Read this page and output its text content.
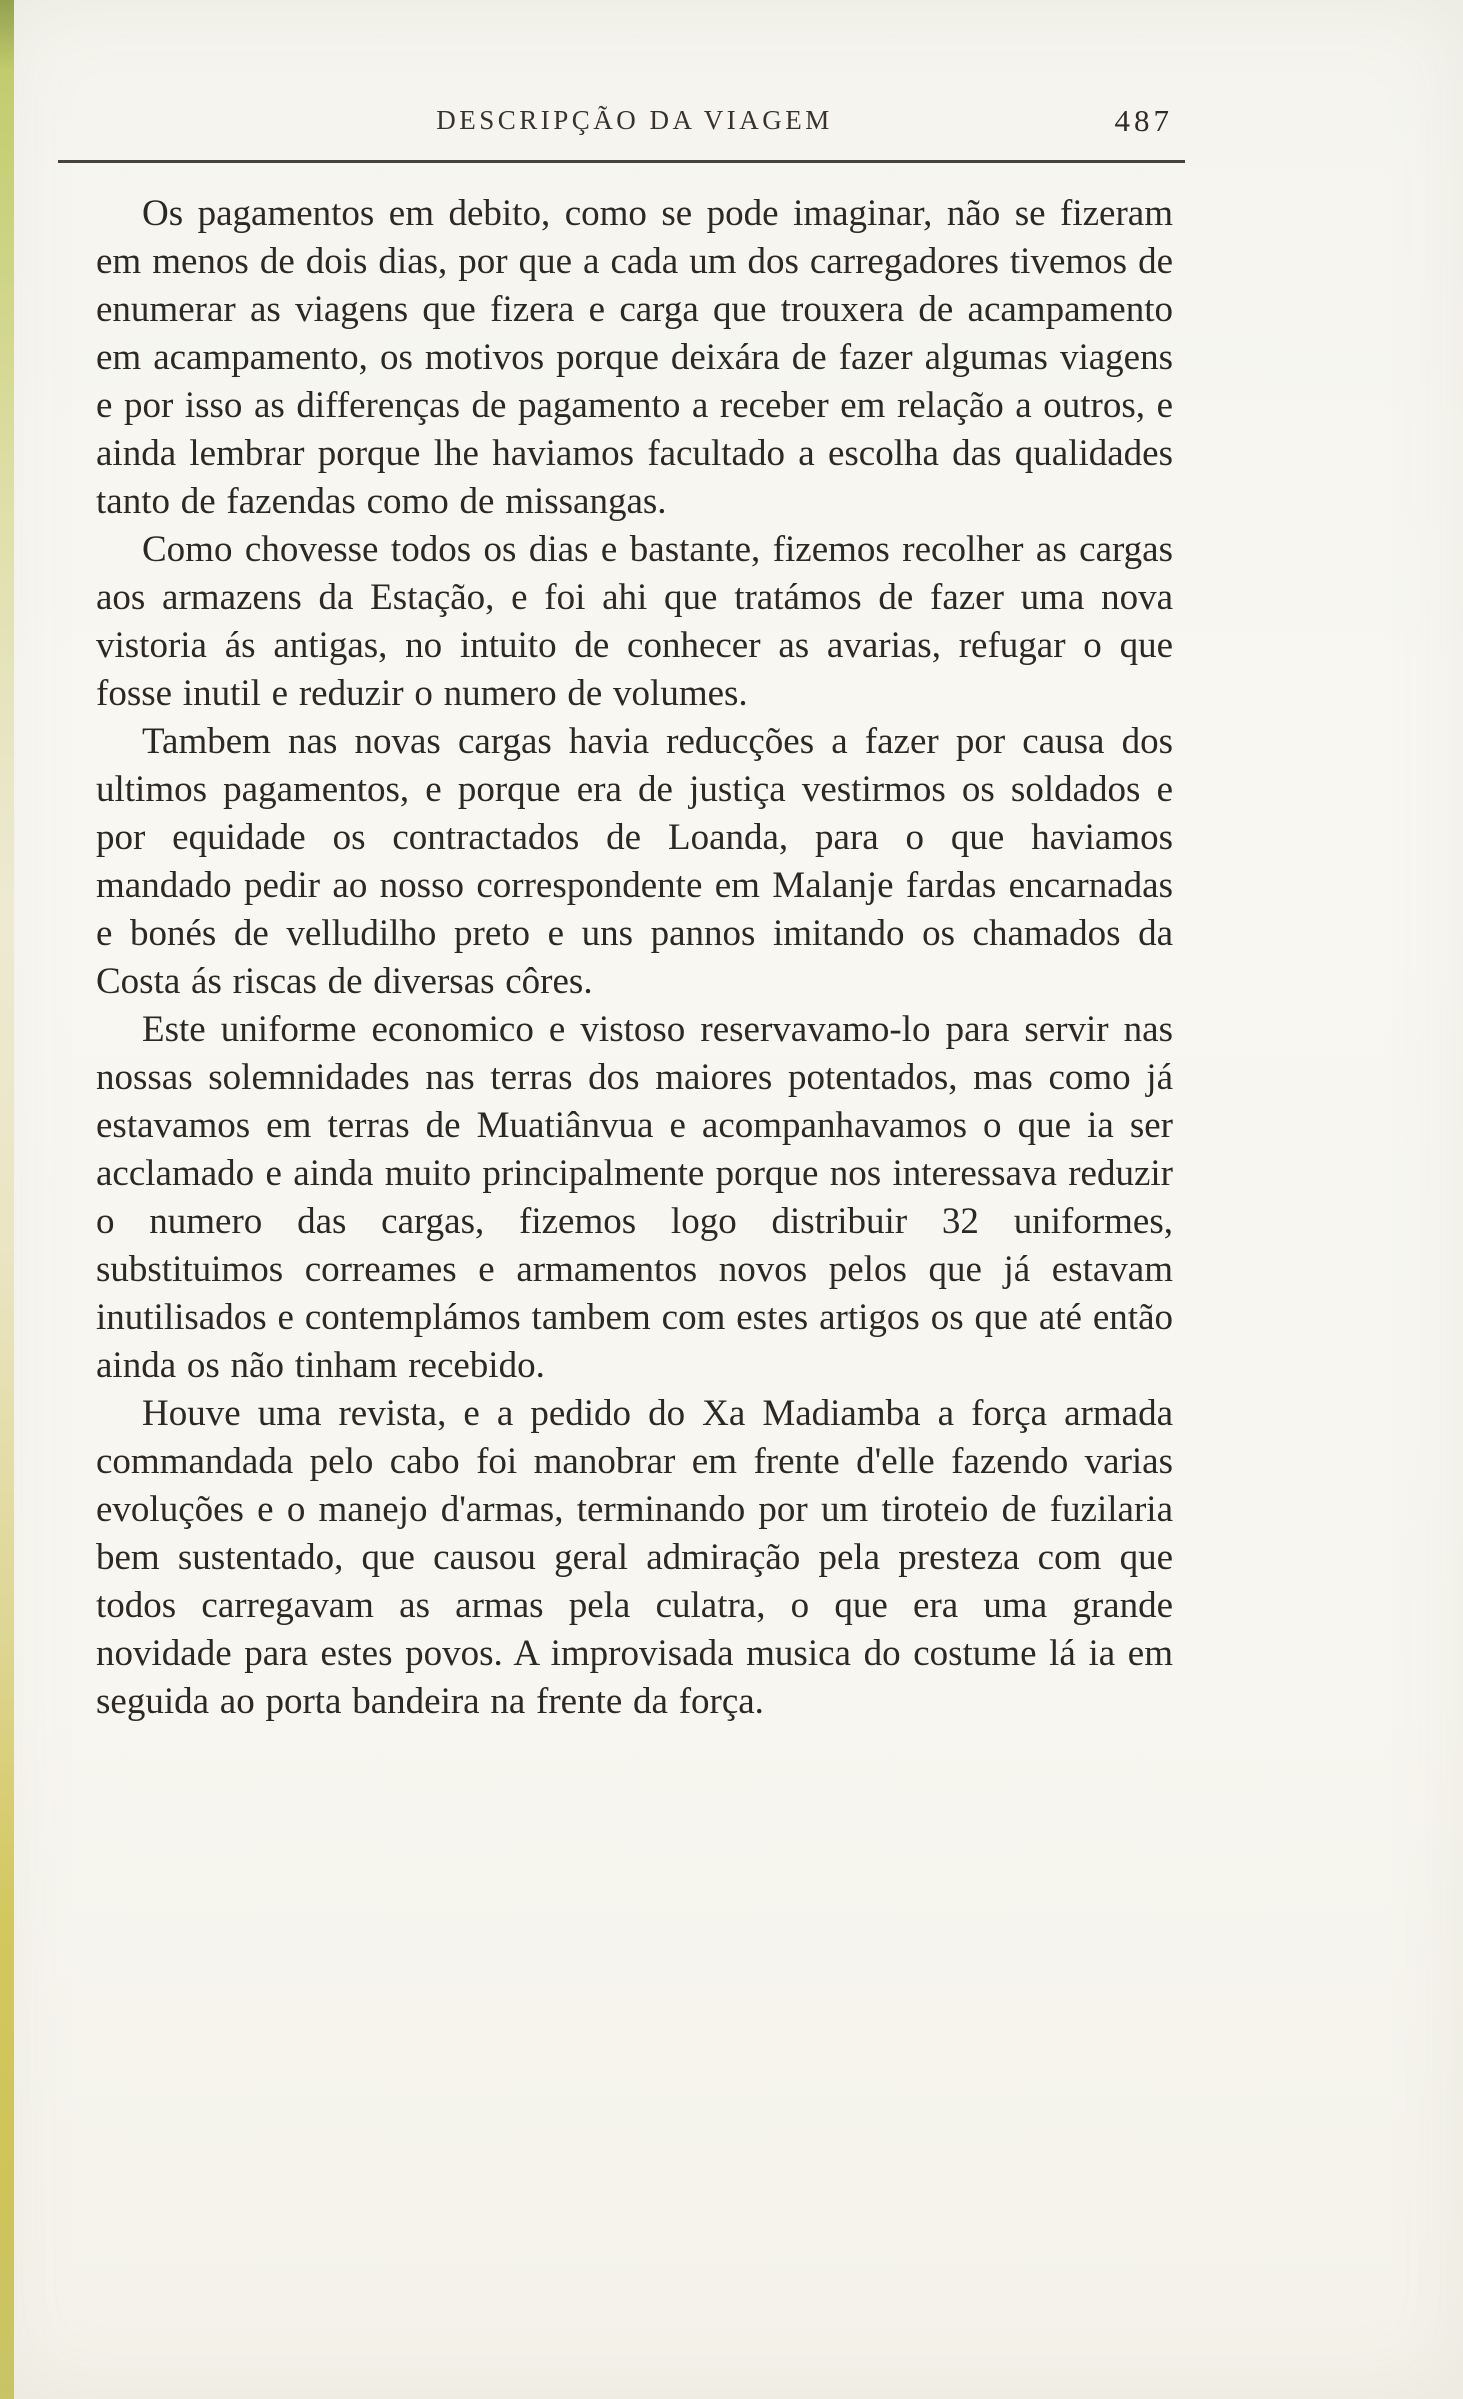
DESCRIPÇÃO DA VIAGEM	487

Os pagamentos em debito, como se pode imaginar, não se fizeram em menos de dois dias, por que a cada um dos carregadores tivemos de enumerar as viagens que fizera e carga que trouxera de acampamento em acampamento, os motivos porque deixára de fazer algumas viagens e por isso as differenças de pagamento a receber em relação a outros, e ainda lembrar porque lhe haviamos facultado a escolha das qualidades tanto de fazendas como de missangas.

Como chovesse todos os dias e bastante, fizemos recolher as cargas aos armazens da Estação, e foi ahi que tratámos de fazer uma nova vistoria ás antigas, no intuito de conhecer as avarias, refugar o que fosse inutil e reduzir o numero de volumes.

Tambem nas novas cargas havia reducções a fazer por causa dos ultimos pagamentos, e porque era de justiça vestirmos os soldados e por equidade os contractados de Loanda, para o que haviamos mandado pedir ao nosso correspondente em Malanje fardas encarnadas e bonés de velludilho preto e uns pannos imitando os chamados da Costa ás riscas de diversas côres.

Este uniforme economico e vistoso reservavamo-lo para servir nas nossas solemnidades nas terras dos maiores potentados, mas como já estavamos em terras de Muatiânvua e acompanhavamos o que ia ser acclamado e ainda muito principalmente porque nos interessava reduzir o numero das cargas, fizemos logo distribuir 32 uniformes, substituimos correames e armamentos novos pelos que já estavam inutilisados e contemplámos tambem com estes artigos os que até então ainda os não tinham recebido.

Houve uma revista, e a pedido do Xa Madiamba a força armada commandada pelo cabo foi manobrar em frente d'elle fazendo varias evoluções e o manejo d'armas, terminando por um tiroteio de fuzilaria bem sustentado, que causou geral admiração pela presteza com que todos carregavam as armas pela culatra, o que era uma grande novidade para estes povos. A improvisada musica do costume lá ia em seguida ao porta bandeira na frente da força.
